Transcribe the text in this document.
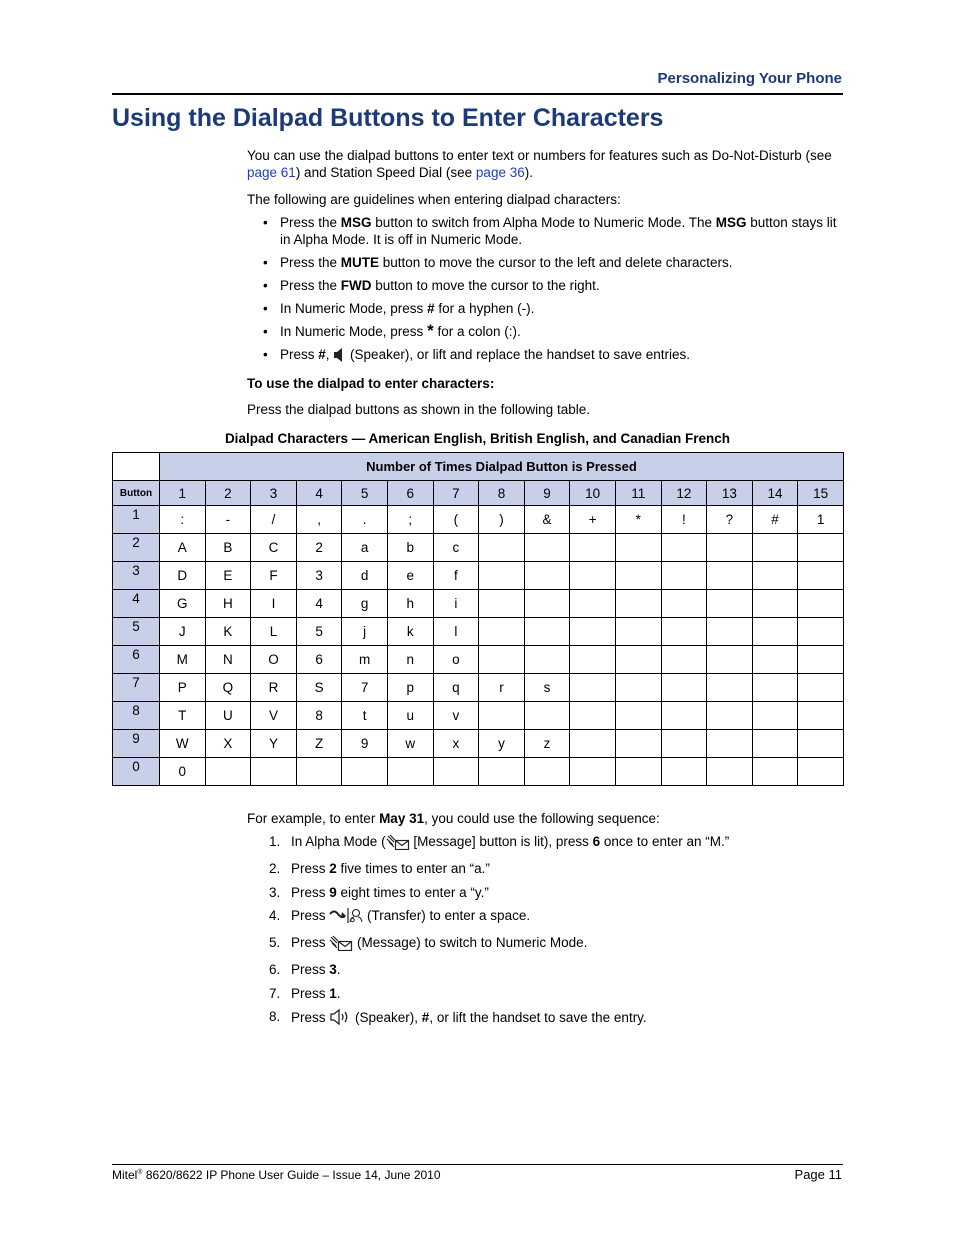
Personalizing Your Phone
Using the Dialpad Buttons to Enter Characters
You can use the dialpad buttons to enter text or numbers for features such as Do-Not-Disturb (see page 61) and Station Speed Dial (see page 36).
The following are guidelines when entering dialpad characters:
• Press the MSG button to switch from Alpha Mode to Numeric Mode. The MSG button stays lit in Alpha Mode. It is off in Numeric Mode.
• Press the MUTE button to move the cursor to the left and delete characters.
• Press the FWD button to move the cursor to the right.
• In Numeric Mode, press # for a hyphen (-).
• In Numeric Mode, press * for a colon (:).
• Press #,  (Speaker), or lift and replace the handset to save entries.
To use the dialpad to enter characters:
Press the dialpad buttons as shown in the following table.
Dialpad Characters — American English, British English, and Canadian French
	Number of Times Dialpad Button is Pressed														
Button	1	2	3	4	5	6	7	8	9	10	11	12	13	14	15
1	:	-	/	,	.	;	(	)	&	+	*	!	?	#	1
2	A	B	C	2	a	b	c								
3	D	E	F	3	d	e	f								
4	G	H	I	4	g	h	i								
5	J	K	L	5	j	k	l								
6	M	N	O	6	m	n	o								
7	P	Q	R	S	7	p	q	r	s						
8	T	U	V	8	t	u	v								
9	W	X	Y	Z	9	w	x	y	z						
0	0														
For example, to enter May 31, you could use the following sequence:
1. In Alpha Mode ( [Message] button is lit), press 6 once to enter an “M.”
2. Press 2 five times to enter an “a.”
3. Press 9 eight times to enter a “y.”
4. Press	(Transfer) to enter a space.
5. Press  (Message) to switch to Numeric Mode.
6. Press 3.
7. Press 1.
8. Press  (Speaker), #, or lift the handset to save the entry.
Mitel® 8620/8622 IP Phone User Guide – Issue 14, June 2010	Page 11
